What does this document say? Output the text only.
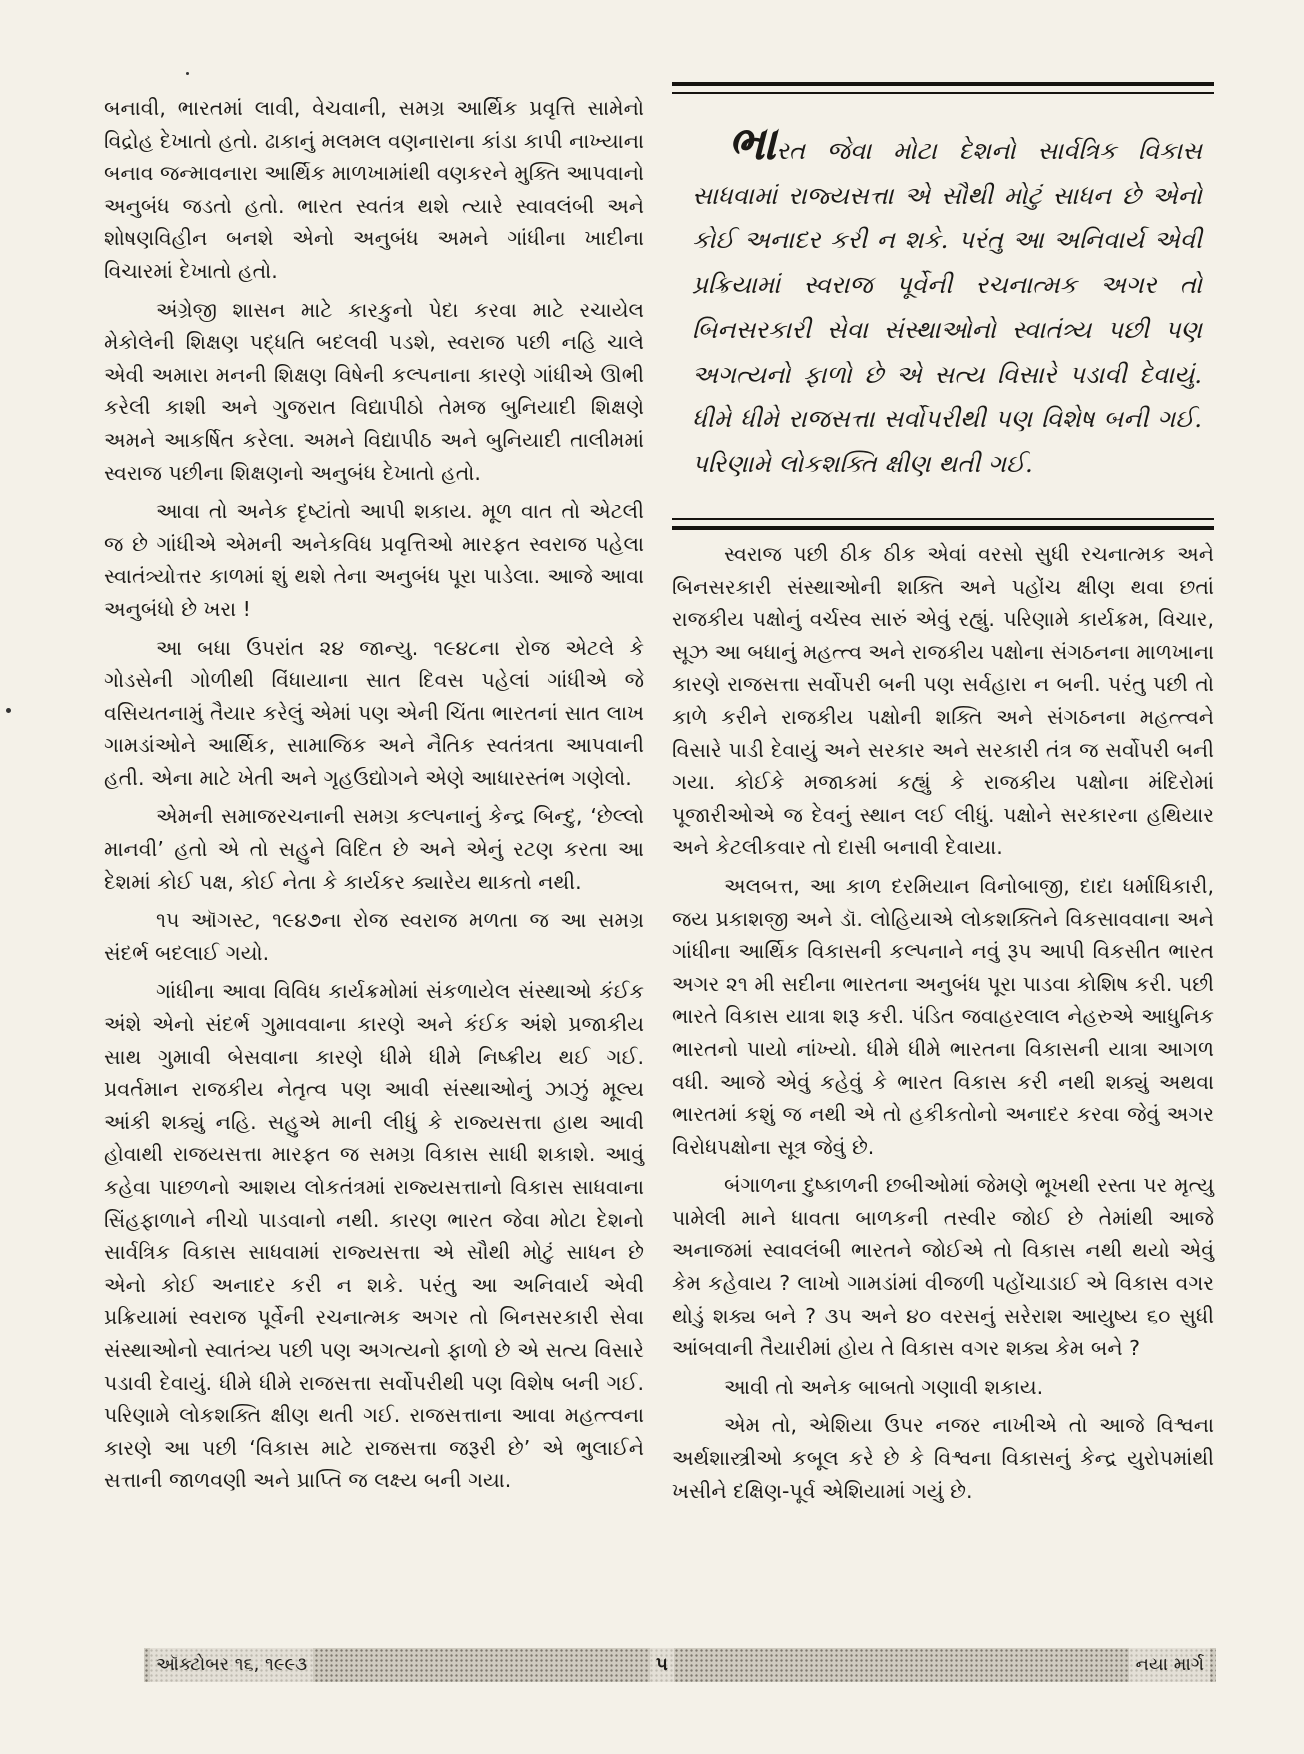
બનાવી, ભારતમાં લાવી, વેચવાની, સમગ્ર આર્થિક પ્રવૃત્તિ સામેનો વિદ્રોહ દેખાતો હતો. ઢાકાનું મલમલ વણનારાના કાંડા કાપી નાખ્યાના બનાવ જન્માવનારા આર્થિક માળખામાંથી વણકરને મુક્તિ આપવાનો અનુબંધ જડતો હતો. ભારત સ્વતંત્ર થશે ત્યારે સ્વાવલંબી અને શોષણવિહીન બનશે એનો અનુબંધ અમને ગાંધીના ખાદીના વિચારમાં દેખાતો હતો.

અંગ્રેજી શાસન માટે કારકુનો પેદા કરવા માટે રચાયેલ મેકોલેની શિક્ષણ પદ્ધતિ બદલવી પડશે, સ્વરાજ પછી નહિ ચાલે એવી અમારા મનની શિક્ષણ વિષેની કલ્પનાના કારણે ગાંધીએ ઊભી કરેલી કાશી અને ગુજરાત વિદ્યાપીઠો તેમજ બુનિયાદી શિક્ષણે અમને આકર્ષિત કરેલા. અમને વિદ્યાપીઠ અને બુનિયાદી તાલીમમાં સ્વરાજ પછીના શિક્ષણનો અનુબંધ દેખાતો હતો.

આવા તો અનેક દૃષ્ટાંતો આપી શકાય. મૂળ વાત તો એટલી જ છે ગાંધીએ એમની અનેકવિધ પ્રવૃત્તિઓ મારફત સ્વરાજ પહેલા સ્વાતંત્ર્યોત્તર કાળમાં શું થશે તેના અનુબંધ પૂરા પાડેલા. આજે આવા અનુબંધો છે ખરા !

આ બધા ઉપરાંત ૨૪ જાન્યુ. ૧૯૪૮ના રોજ એટલે કે ગોડસેની ગોળીથી વિંધાયાના સાત દિવસ પહેલાં ગાંધીએ જે વસિયતનામું તૈયાર કરેલું એમાં પણ એની ચિંતા ભારતનાં સાત લાખ ગામડાંઓને આર્થિક, સામાજિક અને નૈતિક સ્વતંત્રતા આપવાની હતી. એના માટે ખેતી અને ગૃહઉદ્યોગને એણે આધારસ્તંભ ગણેલો.

એમની સમાજરચનાની સમગ્ર કલ્પનાનું કેન્દ્ર બિન્દુ, ‘છેલ્લો માનવી’ હતો એ તો સહુને વિદિત છે અને એનું રટણ કરતા આ દેશમાં કોઈ પક્ષ, કોઈ નેતા કે કાર્યકર ક્યારેય થાકતો નથી.

૧૫ ઑગસ્ટ, ૧૯૪૭ના રોજ સ્વરાજ મળતા જ આ સમગ્ર સંદર્ભ બદલાઈ ગયો.

ગાંધીના આવા વિવિધ કાર્યક્રમોમાં સંકળાયેલ સંસ્થાઓ કંઈક અંશે એનો સંદર્ભ ગુમાવવાના કારણે અને કંઈક અંશે પ્રજાકીય સાથ ગુમાવી બેસવાના કારણે ધીમે ધીમે નિષ્ક્રીય થઈ ગઈ. પ્રવર્તમાન રાજકીય નેતૃત્વ પણ આવી સંસ્થાઓનું ઝાઝું મૂલ્ય આંકી શક્યું નહિ. સહુએ માની લીધું કે રાજ્યસત્તા હાથ આવી હોવાથી રાજયસત્તા મારફત જ સમગ્ર વિકાસ સાધી શકાશે. આવું કહેવા પાછળનો આશય લોકતંત્રમાં રાજ્યસત્તાનો વિકાસ સાધવાના સિંહફાળાને નીચો પાડવાનો નથી. કારણ ભારત જેવા મોટા દેશનો સાર્વત્રિક વિકાસ સાધવામાં રાજ્યસત્તા એ સૌથી મોટું સાધન છે એનો કોઈ અનાદર કરી ન શકે. પરંતુ આ અનિવાર્ય એવી પ્રક્રિયામાં સ્વરાજ પૂર્વેની રચનાત્મક અગર તો બિનસરકારી સેવા સંસ્થાઓનો સ્વાતંત્ર્ય પછી પણ અગત્યનો ફાળો છે એ સત્ય વિસારે પડાવી દેવાયું. ધીમે ધીમે રાજસત્તા સર્વોપરીથી પણ વિશેષ બની ગઈ. પરિણામે લોકશક્તિ ક્ષીણ થતી ગઈ. રાજસત્તાના આવા મહત્ત્વના કારણે આ પછી ‘વિકાસ માટે રાજસત્તા જરૂરી છે’ એ ભુલાઈને સત્તાની જાળવણી અને પ્રાપ્તિ જ લક્ષ્ય બની ગયા.

ભારત જેવા મોટા દેશનો સાર્વત્રિક વિકાસ સાધવામાં રાજ્યસત્તા એ સૌથી મોટું સાધન છે એનો કોઈ અનાદર કરી ન શકે. પરંતુ આ અનિવાર્ય એવી પ્રક્રિયામાં સ્વરાજ પૂર્વેની રચનાત્મક અગર તો બિનસરકારી સેવા સંસ્થાઓનો સ્વાતંત્ર્ય પછી પણ અગત્યનો ફાળો છે એ સત્ય વિસારે પડાવી દેવાયું. ધીમે ધીમે રાજસત્તા સર્વોપરીથી પણ વિશેષ બની ગઈ. પરિણામે લોકશક્તિ ક્ષીણ થતી ગઈ.

સ્વરાજ પછી ઠીક ઠીક એવાં વરસો સુધી રચનાત્મક અને બિનસરકારી સંસ્થાઓની શક્તિ અને પહોંચ ક્ષીણ થવા છતાં રાજકીય પક્ષોનું વર્ચસ્વ સારું એવું રહ્યું. પરિણામે કાર્યક્રમ, વિચાર, સૂઝ આ બધાનું મહત્ત્વ અને રાજકીય પક્ષોના સંગઠનના માળખાના કારણે રાજસત્તા સર્વોપરી બની પણ સર્વહારા ન બની. પરંતુ પછી તો કાળે કરીને રાજકીય પક્ષોની શક્તિ અને સંગઠનના મહત્ત્વને વિસારે પાડી દેવાયું અને સરકાર અને સરકારી તંત્ર જ સર્વોપરી બની ગયા. કોઈકે મજાકમાં કહ્યું કે રાજકીય પક્ષોના મંદિરોમાં પૂજારીઓએ જ દેવનું સ્થાન લઈ લીધું. પક્ષોને સરકારના હથિયાર અને કેટલીકવાર તો દાસી બનાવી દેવાયા.

અલબત્ત, આ કાળ દરમિયાન વિનોબાજી, દાદા ધર્માધિકારી, જય પ્રકાશજી અને ડૉ. લોહિયાએ લોકશક્તિને વિકસાવવાના અને ગાંધીના આર્થિક વિકાસની કલ્પનાને નવું રૂપ આપી વિકસીત ભારત અગર ૨૧ મી સદીના ભારતના અનુબંધ પૂરા પાડવા કોશિષ કરી. પછી ભારતે વિકાસ યાત્રા શરૂ કરી. પંડિત જવાહરલાલ નેહરુએ આધુનિક ભારતનો પાયો નાંખ્યો. ધીમે ધીમે ભારતના વિકાસની યાત્રા આગળ વધી. આજે એવું કહેવું કે ભારત વિકાસ કરી નથી શક્યું અથવા ભારતમાં કશું જ નથી એ તો હકીકતોનો અનાદર કરવા જેવું અગર વિરોધપક્ષોના સૂત્ર જેવું છે.

બંગાળના દુષ્કાળની છબીઓમાં જેમણે ભૂખથી રસ્તા પર મૃત્યુ પામેલી માને ધાવતા બાળકની તસ્વીર જોઈ છે તેમાંથી આજે અનાજમાં સ્વાવલંબી ભારતને જોઈએ તો વિકાસ નથી થયો એવું કેમ કહેવાય ? લાખો ગામડાંમાં વીજળી પહોંચાડાઈ એ વિકાસ વગર થોડું શક્ય બને ? ૩૫ અને ૪૦ વરસનું સરેરાશ આયુષ્ય ૬૦ સુધી આંબવાની તૈયારીમાં હોય તે વિકાસ વગર શક્ય કેમ બને ?

આવી તો અનેક બાબતો ગણાવી શકાય.

એમ તો, એશિયા ઉપર નજર નાખીએ તો આજે વિશ્વના અર્થશાસ્ત્રીઓ કબૂલ કરે છે કે વિશ્વના વિકાસનું કેન્દ્ર યુરોપમાંથી ખસીને દક્ષિણ-પૂર્વ એશિયામાં ગયું છે.

ઑક્ટોબર ૧૬, ૧૯૯૩	૫	નયા માર્ગ
